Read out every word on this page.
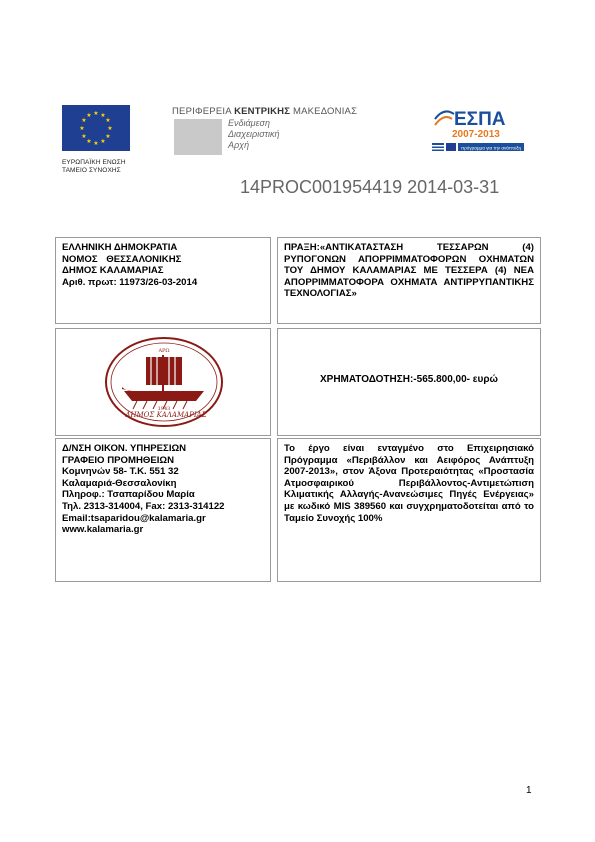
★ ★
★
★
★
★
★
★
★
★
★
★
ΕΥΡΩΠΑΪΚΗ ΕΝΩΣΗ
ΤΑΜΕΙΟ ΣΥΝΟΧΗΣ
ΠΕΡΙΦΕΡΕΙΑ ΚΕΝΤΡΙΚΗΣ ΜΑΚΕΔΟΝΙΑΣ
Ενδιάμεση
Διαχειριστική
Αρχή
ΕΣΠΑ
2007-2013
πρόγραμμα για την ανάπτυξη
14PROC001954419 2014-03-31
ΕΛΛΗΝΙΚΗ ΔΗΜΟΚΡΑΤΙΑ
ΝΟΜΟΣ ΘΕΣΣΑΛΟΝΙΚΗΣ
ΔΗΜΟΣ ΚΑΛΑΜΑΡΙΑΣ
Αριθ. πρωτ: 11973/26-03-2014
ΠΡΑΞΗ:«ΑΝΤΙΚΑΤΑΣΤΑΣΗ ΤΕΣΣΑΡΩΝ (4) ΡΥΠΟΓΟΝΩΝ ΑΠΟΡΡΙΜΜΑΤΟΦΟΡΩΝ ΟΧΗΜΑΤΩΝ ΤΟΥ ΔΗΜΟΥ ΚΑΛΑΜΑΡΙΑΣ ΜΕ ΤΕΣΣΕΡΑ (4) ΝΕΑ ΑΠΟΡΡΙΜΜΑΤΟΦΟΡΑ ΟΧΗΜΑΤΑ ΑΝΤΙΡΡΥΠΑΝΤΙΚΗΣ ΤΕΧΝΟΛΟΓΙΑΣ»
ΑΡΩ
ΔΗΜΟΣ ΚΑΛΑΜΑΡΙΑΣ
1943
ΧΡΗΜΑΤΟΔΟΤΗΣΗ:-565.800,00- ευρώ
Δ/ΝΣΗ ΟΙΚΟΝ. ΥΠΗΡΕΣΙΩΝ
ΓΡΑΦΕΙΟ ΠΡΟΜΗΘΕΙΩΝ
Κομνηνών 58- Τ.Κ. 551 32
Καλαμαριά-Θεσσαλονίκη
Πληροφ.: Τσαπαρίδου Μαρία
Τηλ. 2313-314004, Fax: 2313-314122
Email:tsaparidou@kalamaria.gr
www.kalamaria.gr
Το έργο είναι ενταγμένο στο Επιχειρησιακό Πρόγραμμα «Περιβάλλον και Αειφόρος Ανάπτυξη 2007-2013», στον Άξονα Προτεραιότητας «Προστασία Ατμοσφαιρικού Περιβάλλοντος-Αντιμετώπιση Κλιματικής Αλλαγής-Ανανεώσιμες Πηγές Ενέργειας» με κωδικό MIS 389560 και συγχρηματοδοτείται από το Ταμείο Συνοχής 100%
1
